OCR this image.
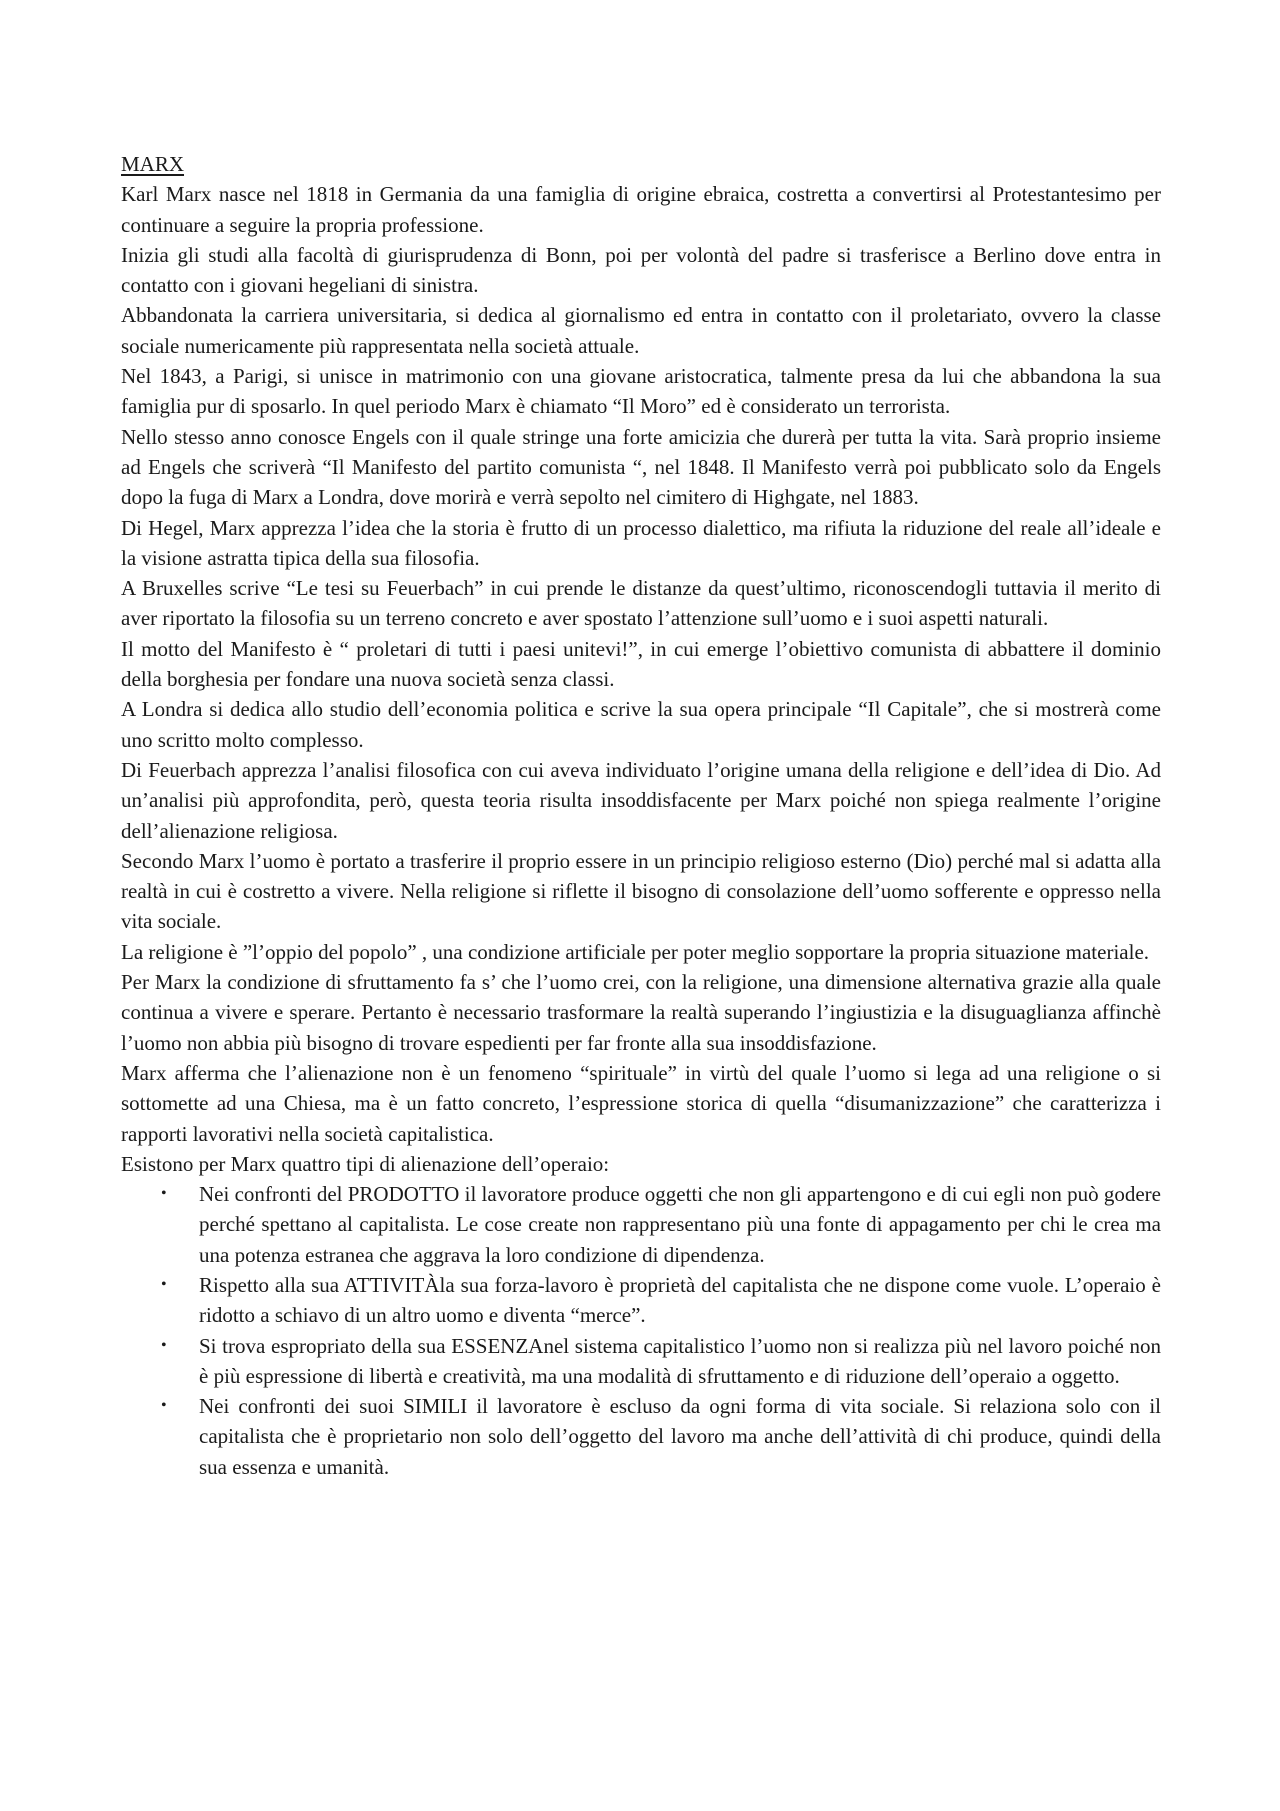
MARX

Karl Marx nasce nel 1818 in Germania da una famiglia di origine ebraica, costretta a convertirsi al Protestantesimo per continuare a seguire la propria professione.

Inizia gli studi alla facoltà di giurisprudenza di Bonn, poi per volontà del padre si trasferisce a Berlino dove entra in contatto con i giovani hegeliani di sinistra.

Abbandonata la carriera universitaria, si dedica al giornalismo ed entra in contatto con il proletariato, ovvero la classe sociale numericamente più rappresentata nella società attuale.

Nel 1843, a Parigi, si unisce in matrimonio con una giovane aristocratica, talmente presa da lui che abbandona la sua famiglia pur di sposarlo. In quel periodo Marx è chiamato “Il Moro” ed è considerato un terrorista.

Nello stesso anno conosce Engels con il quale stringe una forte amicizia che durerà per tutta la vita. Sarà proprio insieme ad Engels che scriverà “Il Manifesto del partito comunista “, nel 1848. Il Manifesto verrà poi pubblicato solo da Engels dopo la fuga di Marx a Londra, dove morirà e verrà sepolto nel cimitero di Highgate, nel 1883.

Di Hegel, Marx apprezza l’idea che la storia è frutto di un processo dialettico, ma rifiuta la riduzione del reale all’ideale e la visione astratta tipica della sua filosofia.

A Bruxelles scrive “Le tesi su Feuerbach” in cui prende le distanze da quest’ultimo, riconoscendogli tuttavia il merito di aver riportato la filosofia su un terreno concreto e aver spostato l’attenzione sull’uomo e i suoi aspetti naturali.

Il motto del Manifesto è “ proletari di tutti i paesi unitevi!”, in cui emerge l’obiettivo comunista di abbattere il dominio della borghesia per fondare una nuova società senza classi.

A Londra si dedica allo studio dell’economia politica e scrive la sua opera principale “Il Capitale”, che si mostrerà come uno scritto molto complesso.

Di Feuerbach apprezza l’analisi filosofica con cui aveva individuato l’origine umana della religione e dell’idea di Dio. Ad un’analisi più approfondita, però, questa teoria risulta insoddisfacente per Marx poiché non spiega realmente l’origine dell’alienazione religiosa.

Secondo Marx l’uomo è portato a trasferire il proprio essere in un principio religioso esterno (Dio) perché mal si adatta alla realtà in cui è costretto a vivere. Nella religione si riflette il bisogno di consolazione dell’uomo sofferente e oppresso nella vita sociale.

La religione è ”l’oppio del popolo” , una condizione artificiale per poter meglio sopportare la propria situazione materiale.

Per Marx la condizione di sfruttamento fa s’ che l’uomo crei, con la religione, una dimensione alternativa grazie alla quale continua a vivere e sperare. Pertanto è necessario trasformare la realtà superando l’ingiustizia e la disuguaglianza affinchè l’uomo non abbia più bisogno di trovare espedienti per far fronte alla sua insoddisfazione.

Marx afferma che l’alienazione non è un fenomeno “spirituale” in virtù del quale l’uomo si lega ad una religione o si sottomette ad una Chiesa, ma è un fatto concreto, l’espressione storica di quella “disumanizzazione” che caratterizza i rapporti lavorativi nella società capitalistica.

Esistono per Marx quattro tipi di alienazione dell’operaio:

•	Nei confronti del PRODOTTO il lavoratore produce oggetti che non gli appartengono e di cui egli non può godere perché spettano al capitalista. Le cose create non rappresentano più una fonte di appagamento per chi le crea ma una potenza estranea che aggrava la loro condizione di dipendenza.
•	Rispetto alla sua ATTIVITÀla sua forza-lavoro è proprietà del capitalista che ne dispone come vuole. L’operaio è ridotto a schiavo di un altro uomo e diventa “merce”.
•	Si trova espropriato della sua ESSENZAnel sistema capitalistico l’uomo non si realizza più nel lavoro poiché non è più espressione di libertà e creatività, ma una modalità di sfruttamento e di riduzione dell’operaio a oggetto.
•	Nei confronti dei suoi SIMILI il lavoratore è escluso da ogni forma di vita sociale. Si relaziona solo con il capitalista che è proprietario non solo dell’oggetto del lavoro ma anche dell’attività di chi produce, quindi della sua essenza e umanità.
